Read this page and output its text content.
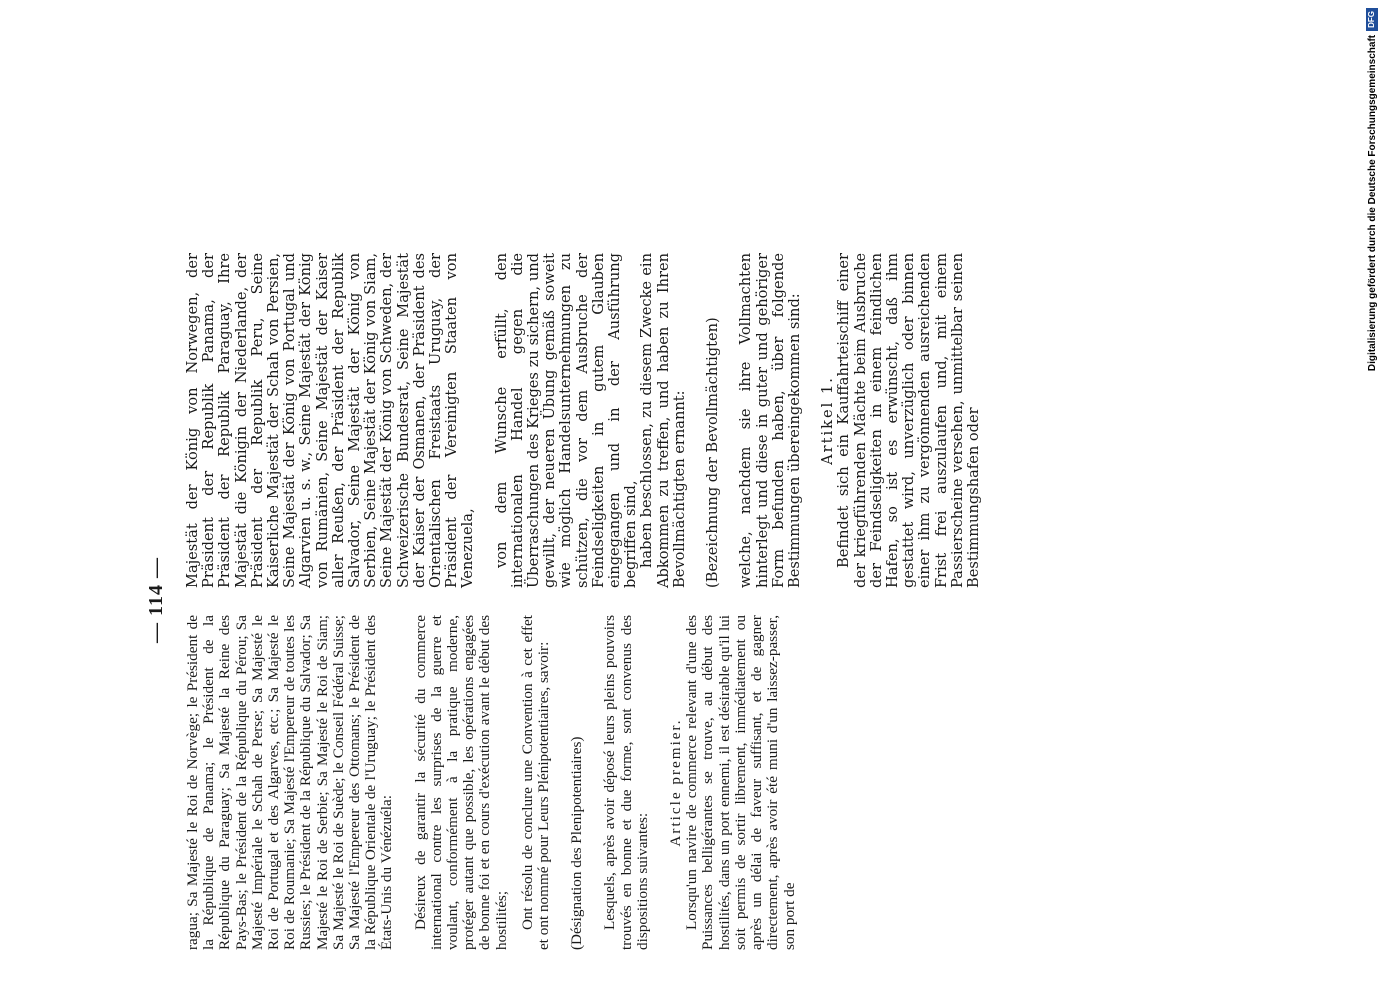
— 114 —

ragua; Sa Majesté le Roi de Norvège; le Président de la République de Panama; le Président de la République du Paraguay; Sa Majesté la Reine des Pays-Bas; le Président de la République du Pérou; Sa Majesté Impériale le Schah de Perse; Sa Majesté le Roi de Portugal et des Algarves, etc.; Sa Majesté le Roi de Roumanie; Sa Majesté l'Empereur de toutes les Russies; le Président de la République du Salvador; Sa Majesté le Roi de Serbie; Sa Majesté le Roi de Siam; Sa Majesté le Roi de Suède; le Conseil Fédéral Suisse; Sa Majesté l'Empereur des Ottomans; le Président de la République Orientale de l'Uruguay; le Président des États-Unis du Vénézuéla: Désireux de garantir la sécurité du commerce international contre les surprises de la guerre et voulant, conformément à la pratique moderne, protéger autant que possible, les opérations engagées de bonne foi et en cours d'exécution avant le début des hostilités; Ont résolu de conclure une Convention à cet effet et ont nommé pour Leurs Plénipotentiaires, savoir: (Désignation des Plenipotentiaires) Lesquels, après avoir déposé leurs pleins pouvoirs trouvés en bonne et due forme, sont convenus des dispositions suivantes:

Article premier. Lorsqu'un navire de commerce relevant d'une des Puissances belligérantes se trouve, au début des hostilités, dans un port ennemi, il est désirable qu'il lui soit permis de sortir librement, immédiatement ou après un délai de faveur suffisant, et de gagner directement, après avoir été muni d'un laissez-passer, son port de

Majestät der König von Norwegen, der Präsident der Republik Panama, der Präsident der Republik Paraguay, Ihre Majestät die Königin der Niederlande, der Präsident der Republik Peru, Seine Kaiserliche Majestät der Schah von Persien, Seine Majestät der König von Portugal und Algarvien u. s. w., Seine Majestät der König von Rumänien, Seine Majestät der Kaiser aller Reußen, der Präsident der Republik Salvador, Seine Majestät der König von Serbien, Seine Majestät der König von Siam, Seine Majestät der König von Schweden, der Schweizerische Bundesrat, Seine Majestät der Kaiser der Osmanen, der Präsident des Orientalischen Freistaats Uruguay, der Präsident der Vereinigten Staaten von Venezuela, von dem Wunsche erfüllt, den internationalen Handel gegen die Überraschungen des Krieges zu sichern, und gewillt, der neueren Übung gemäß soweit wie möglich Handelsunternehmungen zu schützen, die vor dem Ausbruche der Feindseligkeiten in gutem Glauben eingegangen und in der Ausführung begriffen sind, haben beschlossen, zu diesem Zwecke ein Abkommen zu treffen, und haben zu Ihren Bevollmächtigten ernannt: (Bezeichnung der Bevollmächtigten) welche, nachdem sie ihre Vollmachten hinterlegt und diese in guter und gehöriger Form befunden haben, über folgende Bestimmungen übereingekommen sind: Artikel 1. Befindet sich ein Kauffahrteischiff einer der kriegführenden Mächte beim Ausbruche der Feindseligkeiten in einem feindlichen Hafen, so ist es erwünscht, daß ihm gestattet wird, unverzüglich oder binnen einer ihm zu vergönnenden ausreichenden Frist frei auszulaufen und, mit einem Passierscheine versehen, unmittelbar seinen Bestimmungshafen oder

Digitalisierung gefördert durch die Deutsche Forschungsgemeinschaft
DFG
